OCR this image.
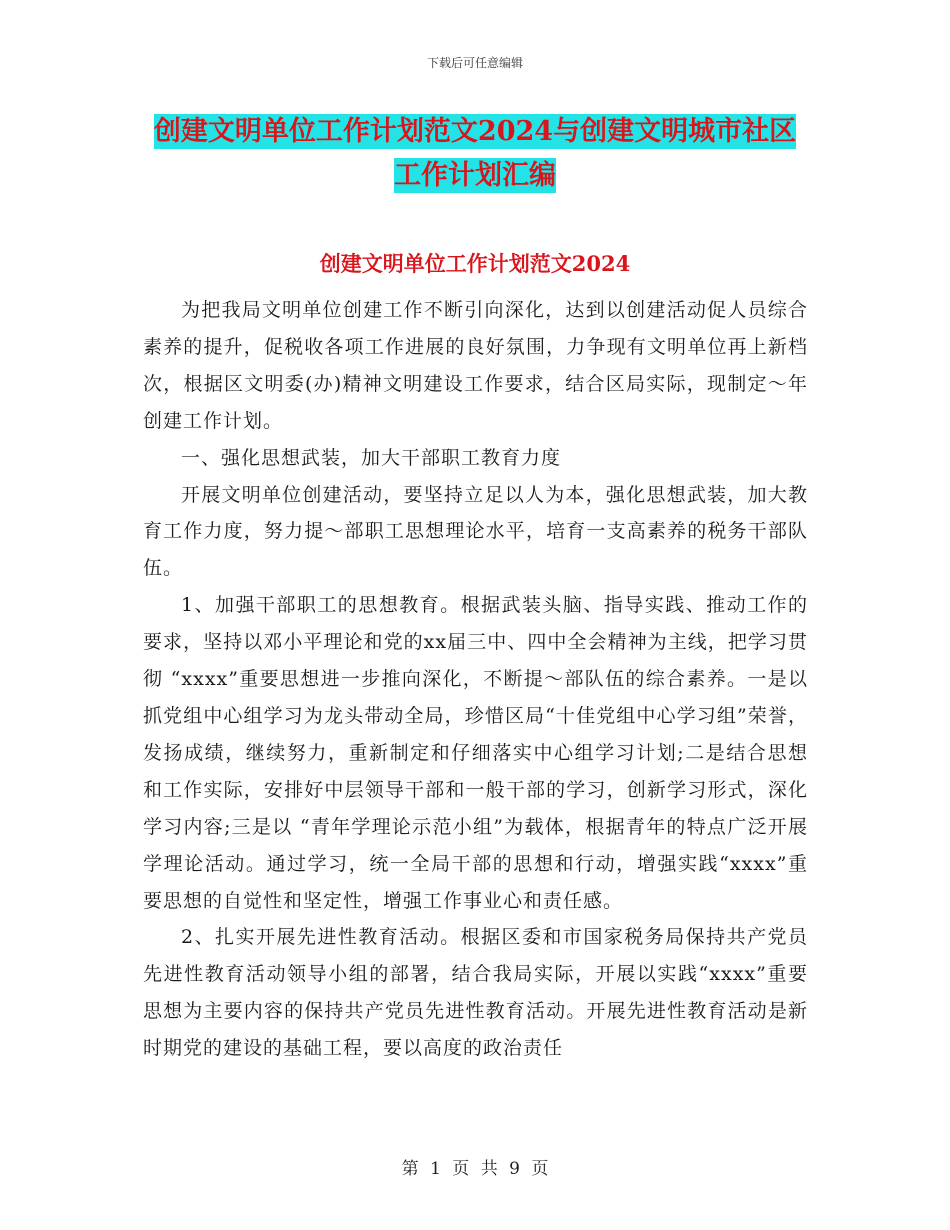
下载后可任意编辑
创建文明单位工作计划范文2024与创建文明城市社区
工作计划汇编
创建文明单位工作计划范文2024

为把我局文明单位创建工作不断引向深化，达到以创建活动促人员综合素养的提升，促税收各项工作进展的良好氛围，力争现有文明单位再上新档次，根据区文明委(办)精神文明建设工作要求，结合区局实际，现制定～年创建工作计划。

一、强化思想武装，加大干部职工教育力度

开展文明单位创建活动，要坚持立足以人为本，强化思想武装，加大教育工作力度，努力提～部职工思想理论水平，培育一支高素养的税务干部队伍。

1、加强干部职工的思想教育。根据武装头脑、指导实践、推动工作的要求，坚持以邓小平理论和党的xx届三中、四中全会精神为主线，把学习贯彻 “xxxx”重要思想进一步推向深化，不断提～部队伍的综合素养。一是以抓党组中心组学习为龙头带动全局，珍惜区局“十佳党组中心学习组”荣誉，发扬成绩，继续努力，重新制定和仔细落实中心组学习计划;二是结合思想和工作实际，安排好中层领导干部和一般干部的学习，创新学习形式，深化学习内容;三是以 “青年学理论示范小组”为载体，根据青年的特点广泛开展学理论活动。通过学习，统一全局干部的思想和行动，增强实践“xxxx”重要思想的自觉性和坚定性，增强工作事业心和责任感。

2、扎实开展先进性教育活动。根据区委和市国家税务局保持共产党员先进性教育活动领导小组的部署，结合我局实际，开展以实践“xxxx”重要思想为主要内容的保持共产党员先进性教育活动。开展先进性教育活动是新时期党的建设的基础工程，要以高度的政治责任

第 1 页 共 9 页
